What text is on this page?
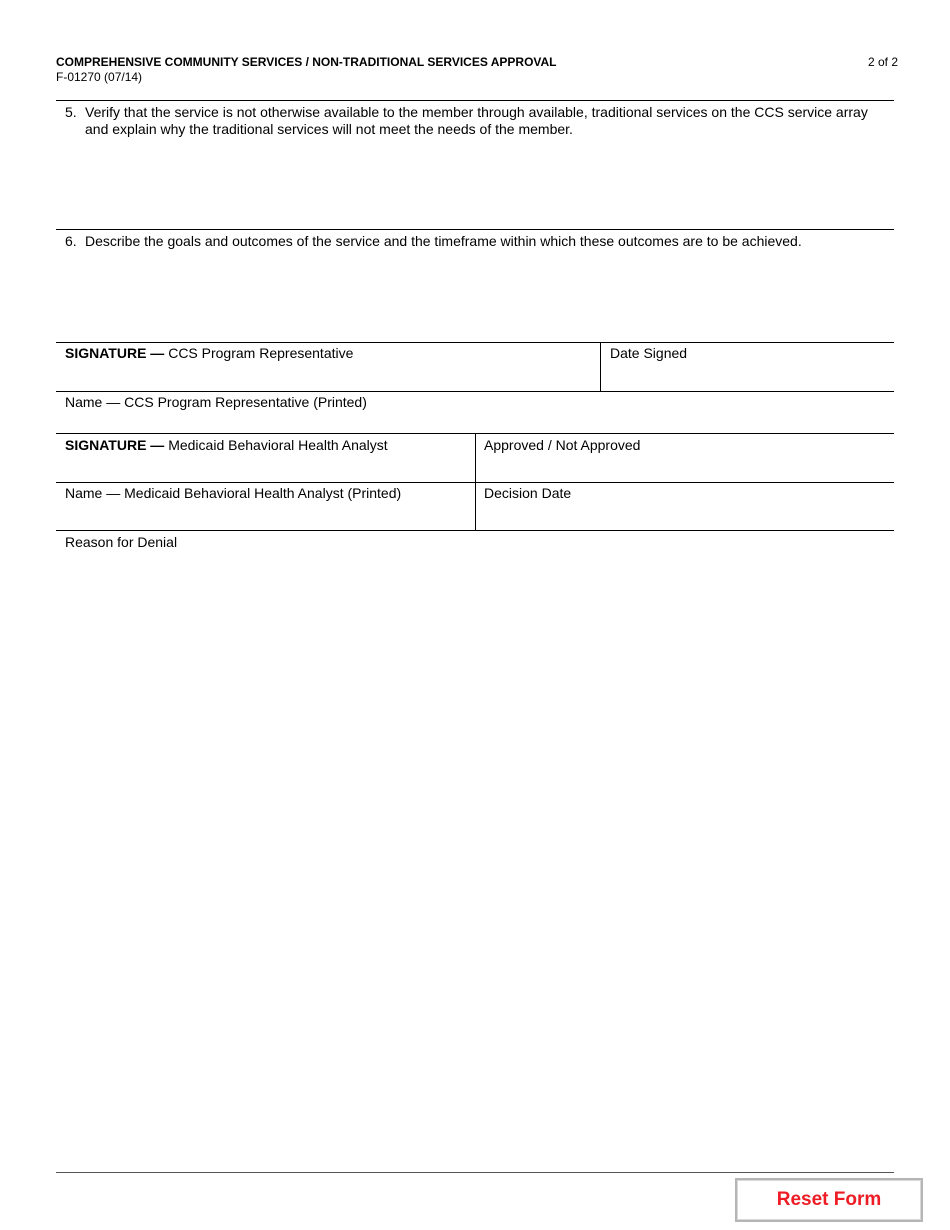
COMPREHENSIVE COMMUNITY SERVICES / NON-TRADITIONAL SERVICES APPROVAL
F-01270 (07/14)
2 of 2
5. Verify that the service is not otherwise available to the member through available, traditional services on the CCS service array
and explain why the traditional services will not meet the needs of the member.
6. Describe the goals and outcomes of the service and the timeframe within which these outcomes are to be achieved.
SIGNATURE — CCS Program Representative	Date Signed
Name — CCS Program Representative (Printed)
SIGNATURE — Medicaid Behavioral Health Analyst	Approved / Not Approved
Name — Medicaid Behavioral Health Analyst (Printed)	Decision Date
Reason for Denial
Reset Form
